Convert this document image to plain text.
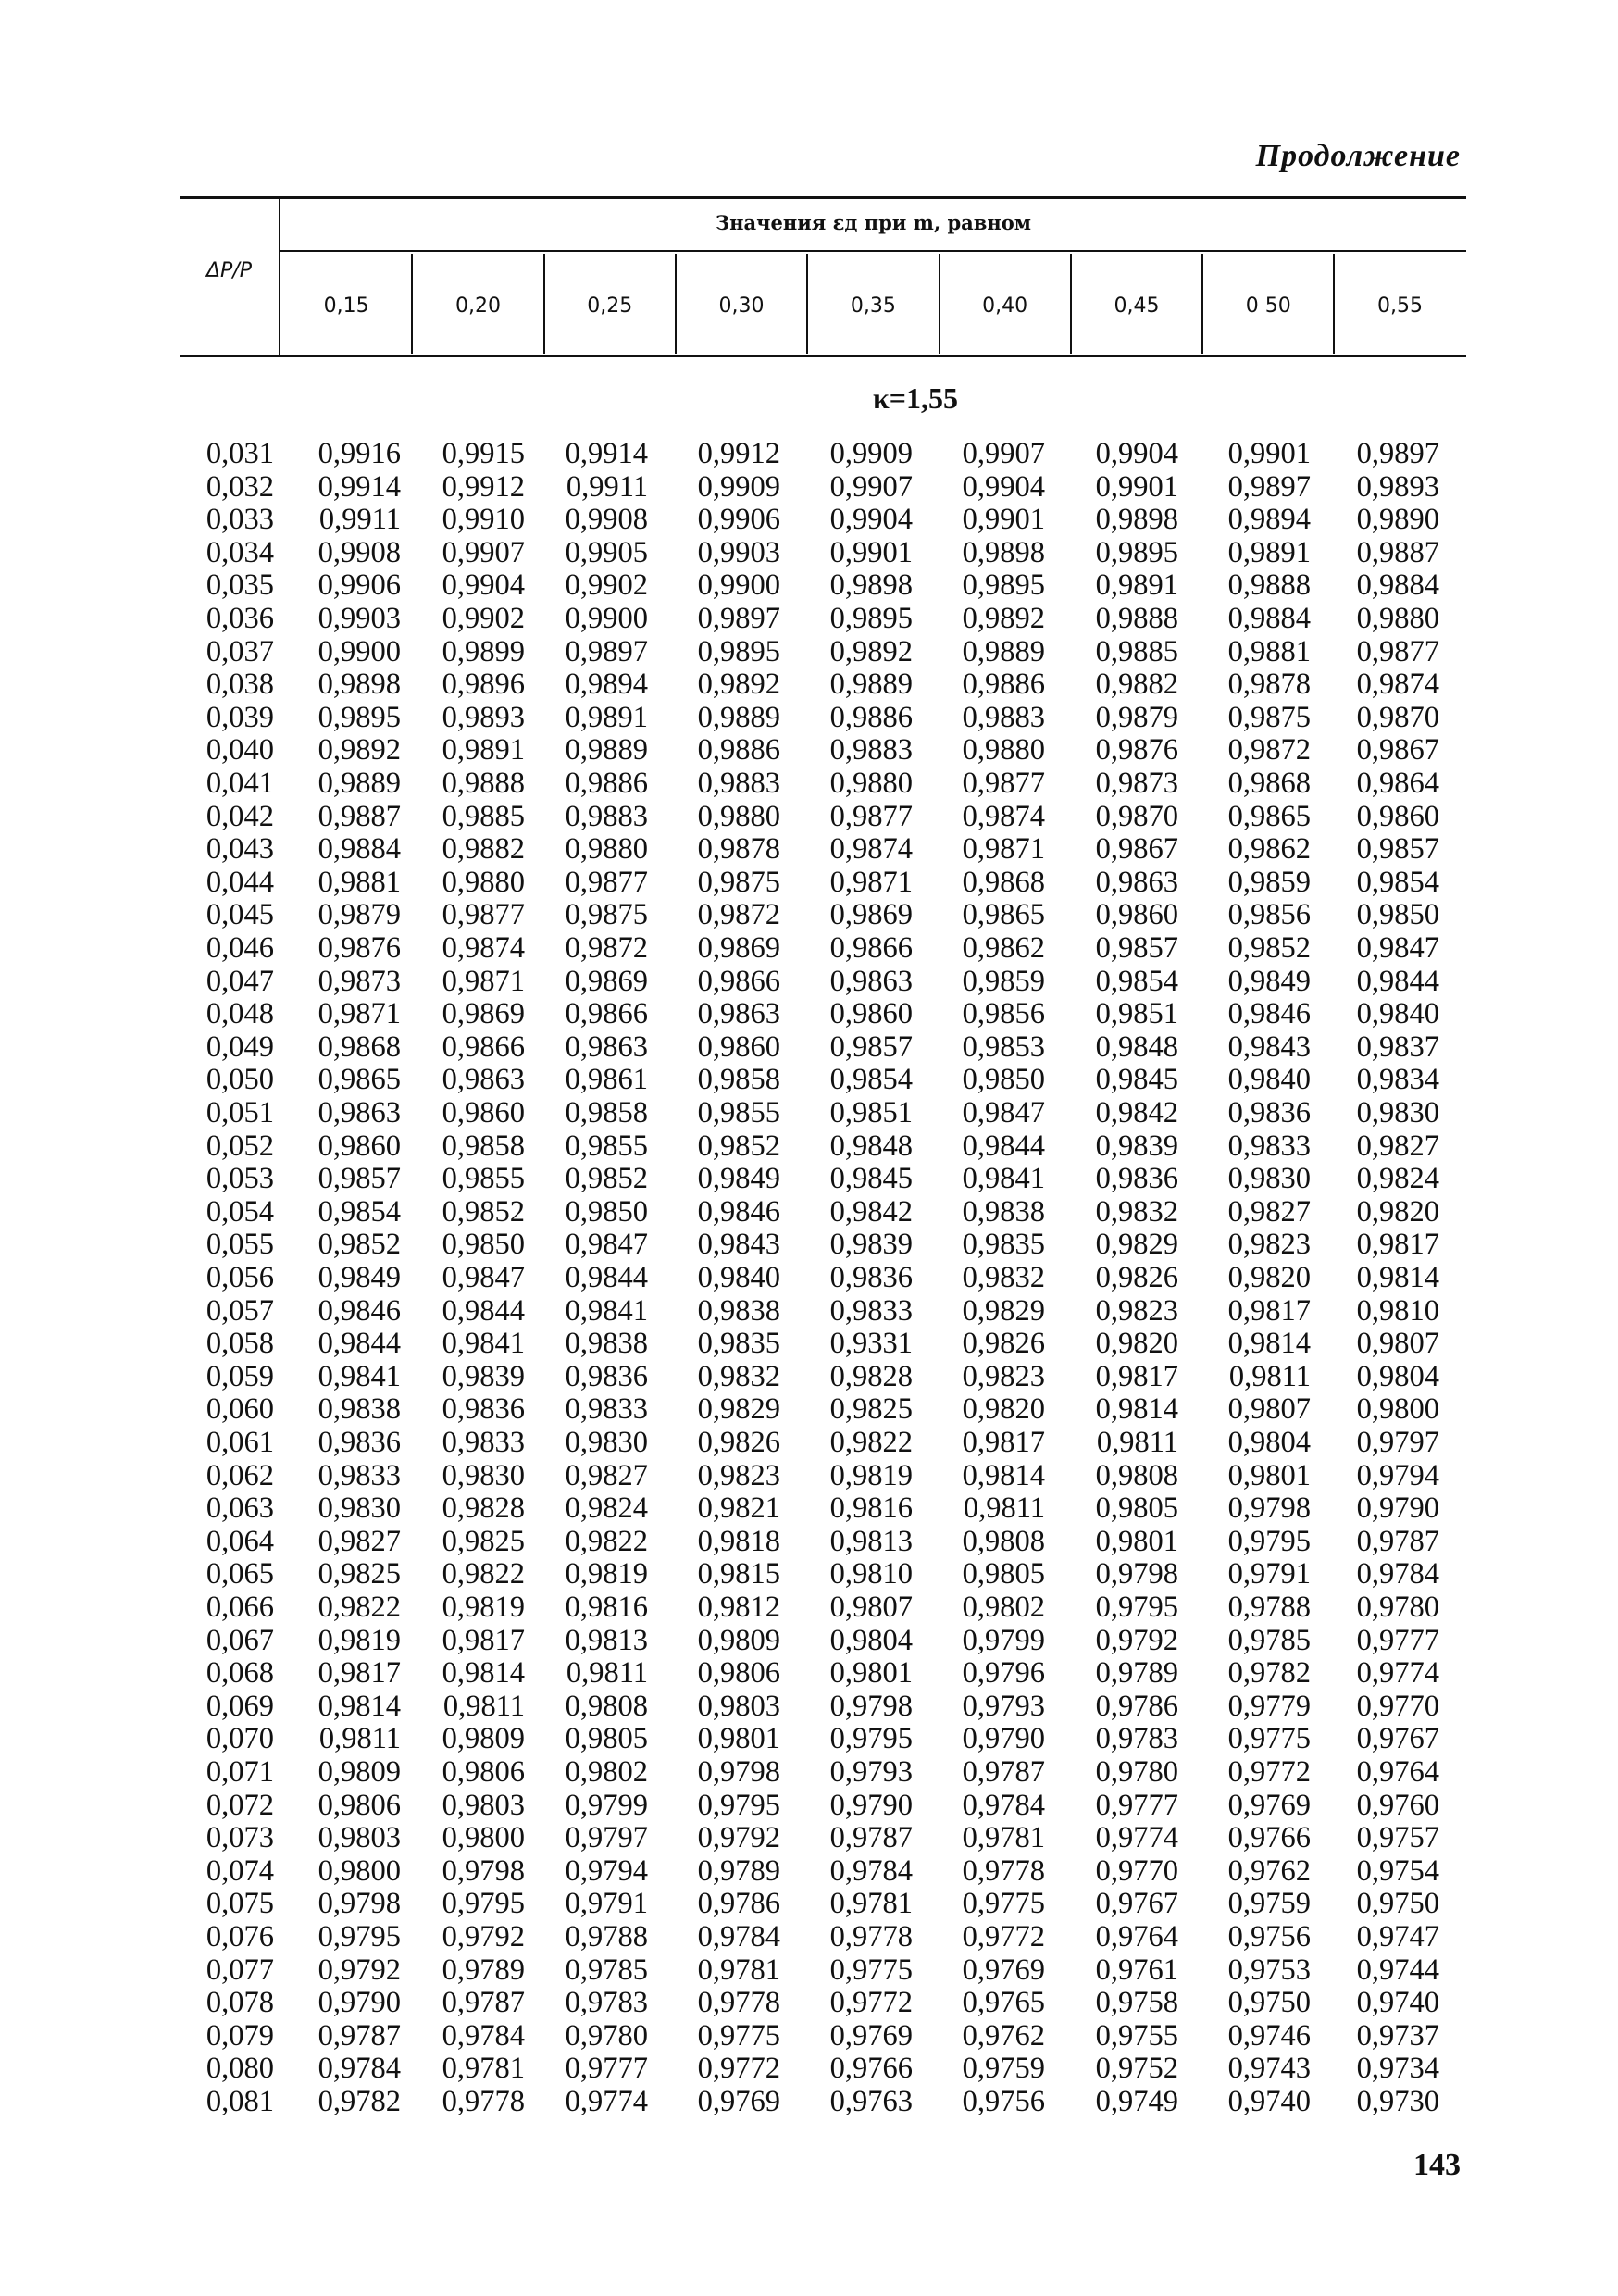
Продолжение
ΔP/P
Значения εд при m, равном
0,15	0,20	0,25	0,30	0,35	0,40	0,45	0 50	0,55
κ=1,55
0,031	0,9916	0,9915	0,9914	0,9912	0,9909	0,9907	0,9904	0,9901	0,9897
0,032	0,9914	0,9912	0,9911	0,9909	0,9907	0,9904	0,9901	0,9897	0,9893
0,033	0,9911	0,9910	0,9908	0,9906	0,9904	0,9901	0,9898	0,9894	0,9890
0,034	0,9908	0,9907	0,9905	0,9903	0,9901	0,9898	0,9895	0,9891	0,9887
0,035	0,9906	0,9904	0,9902	0,9900	0,9898	0,9895	0,9891	0,9888	0,9884
0,036	0,9903	0,9902	0,9900	0,9897	0,9895	0,9892	0,9888	0,9884	0,9880
0,037	0,9900	0,9899	0,9897	0,9895	0,9892	0,9889	0,9885	0,9881	0,9877
0,038	0,9898	0,9896	0,9894	0,9892	0,9889	0,9886	0,9882	0,9878	0,9874
0,039	0,9895	0,9893	0,9891	0,9889	0,9886	0,9883	0,9879	0,9875	0,9870
0,040	0,9892	0,9891	0,9889	0,9886	0,9883	0,9880	0,9876	0,9872	0,9867
0,041	0,9889	0,9888	0,9886	0,9883	0,9880	0,9877	0,9873	0,9868	0,9864
0,042	0,9887	0,9885	0,9883	0,9880	0,9877	0,9874	0,9870	0,9865	0,9860
0,043	0,9884	0,9882	0,9880	0,9878	0,9874	0,9871	0,9867	0,9862	0,9857
0,044	0,9881	0,9880	0,9877	0,9875	0,9871	0,9868	0,9863	0,9859	0,9854
0,045	0,9879	0,9877	0,9875	0,9872	0,9869	0,9865	0,9860	0,9856	0,9850
0,046	0,9876	0,9874	0,9872	0,9869	0,9866	0,9862	0,9857	0,9852	0,9847
0,047	0,9873	0,9871	0,9869	0,9866	0,9863	0,9859	0,9854	0,9849	0,9844
0,048	0,9871	0,9869	0,9866	0,9863	0,9860	0,9856	0,9851	0,9846	0,9840
0,049	0,9868	0,9866	0,9863	0,9860	0,9857	0,9853	0,9848	0,9843	0,9837
0,050	0,9865	0,9863	0,9861	0,9858	0,9854	0,9850	0,9845	0,9840	0,9834
0,051	0,9863	0,9860	0,9858	0,9855	0,9851	0,9847	0,9842	0,9836	0,9830
0,052	0,9860	0,9858	0,9855	0,9852	0,9848	0,9844	0,9839	0,9833	0,9827
0,053	0,9857	0,9855	0,9852	0,9849	0,9845	0,9841	0,9836	0,9830	0,9824
0,054	0,9854	0,9852	0,9850	0,9846	0,9842	0,9838	0,9832	0,9827	0,9820
0,055	0,9852	0,9850	0,9847	0,9843	0,9839	0,9835	0,9829	0,9823	0,9817
0,056	0,9849	0,9847	0,9844	0,9840	0,9836	0,9832	0,9826	0,9820	0,9814
0,057	0,9846	0,9844	0,9841	0,9838	0,9833	0,9829	0,9823	0,9817	0,9810
0,058	0,9844	0,9841	0,9838	0,9835	0,9331	0,9826	0,9820	0,9814	0,9807
0,059	0,9841	0,9839	0,9836	0,9832	0,9828	0,9823	0,9817	0,9811	0,9804
0,060	0,9838	0,9836	0,9833	0,9829	0,9825	0,9820	0,9814	0,9807	0,9800
0,061	0,9836	0,9833	0,9830	0,9826	0,9822	0,9817	0,9811	0,9804	0,9797
0,062	0,9833	0,9830	0,9827	0,9823	0,9819	0,9814	0,9808	0,9801	0,9794
0,063	0,9830	0,9828	0,9824	0,9821	0,9816	0,9811	0,9805	0,9798	0,9790
0,064	0,9827	0,9825	0,9822	0,9818	0,9813	0,9808	0,9801	0,9795	0,9787
0,065	0,9825	0,9822	0,9819	0,9815	0,9810	0,9805	0,9798	0,9791	0,9784
0,066	0,9822	0,9819	0,9816	0,9812	0,9807	0,9802	0,9795	0,9788	0,9780
0,067	0,9819	0,9817	0,9813	0,9809	0,9804	0,9799	0,9792	0,9785	0,9777
0,068	0,9817	0,9814	0,9811	0,9806	0,9801	0,9796	0,9789	0,9782	0,9774
0,069	0,9814	0,9811	0,9808	0,9803	0,9798	0,9793	0,9786	0,9779	0,9770
0,070	0,9811	0,9809	0,9805	0,9801	0,9795	0,9790	0,9783	0,9775	0,9767
0,071	0,9809	0,9806	0,9802	0,9798	0,9793	0,9787	0,9780	0,9772	0,9764
0,072	0,9806	0,9803	0,9799	0,9795	0,9790	0,9784	0,9777	0,9769	0,9760
0,073	0,9803	0,9800	0,9797	0,9792	0,9787	0,9781	0,9774	0,9766	0,9757
0,074	0,9800	0,9798	0,9794	0,9789	0,9784	0,9778	0,9770	0,9762	0,9754
0,075	0,9798	0,9795	0,9791	0,9786	0,9781	0,9775	0,9767	0,9759	0,9750
0,076	0,9795	0,9792	0,9788	0,9784	0,9778	0,9772	0,9764	0,9756	0,9747
0,077	0,9792	0,9789	0,9785	0,9781	0,9775	0,9769	0,9761	0,9753	0,9744
0,078	0,9790	0,9787	0,9783	0,9778	0,9772	0,9765	0,9758	0,9750	0,9740
0,079	0,9787	0,9784	0,9780	0,9775	0,9769	0,9762	0,9755	0,9746	0,9737
0,080	0,9784	0,9781	0,9777	0,9772	0,9766	0,9759	0,9752	0,9743	0,9734
0,081	0,9782	0,9778	0,9774	0,9769	0,9763	0,9756	0,9749	0,9740	0,9730
143
